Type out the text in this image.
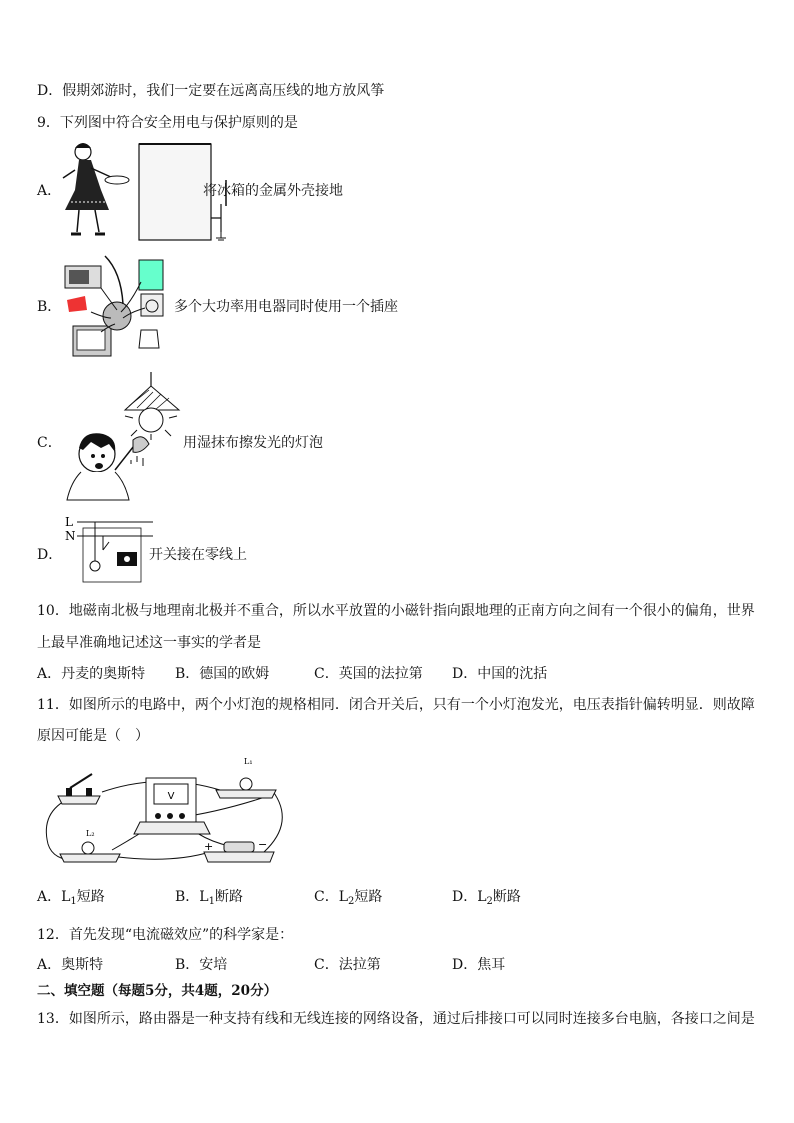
D．假期郊游时，我们一定要在远离高压线的地方放风筝
9．下列图中符合安全用电与保护原则的是
A．	将冰箱的金属外壳接地
B．	多个大功率用电器同时使用一个插座
C．	用湿抹布擦发光的灯泡
D．
L
N
开关接在零线上
10．地磁南北极与地理南北极并不重合，所以水平放置的小磁针指向跟地理的正南方向之间有一个很小的偏角，世界
上最早准确地记述这一事实的学者是
A．丹麦的奥斯特 B．德国的欧姆	C．英国的法拉第 D．中国的沈括
11．如图所示的电路中，两个小灯泡的规格相同．闭合开关后，只有一个小灯泡发光，电压表指针偏转明显．则故障
原因可能是（　）
V
L₁
L₂
+	−
A．$L_1$短路	B．$L_1$断路	C．$L_2$短路	D．$L_2$断路
12．首先发现“电流磁效应”的科学家是：
A．奥斯特	B．安培	C．法拉第	D．焦耳
二、填空题（每题5分，共4题，20分）
13．如图所示，路由器是一种支持有线和无线连接的网络设备，通过后排接口可以同时连接多台电脑，各接口之间是
